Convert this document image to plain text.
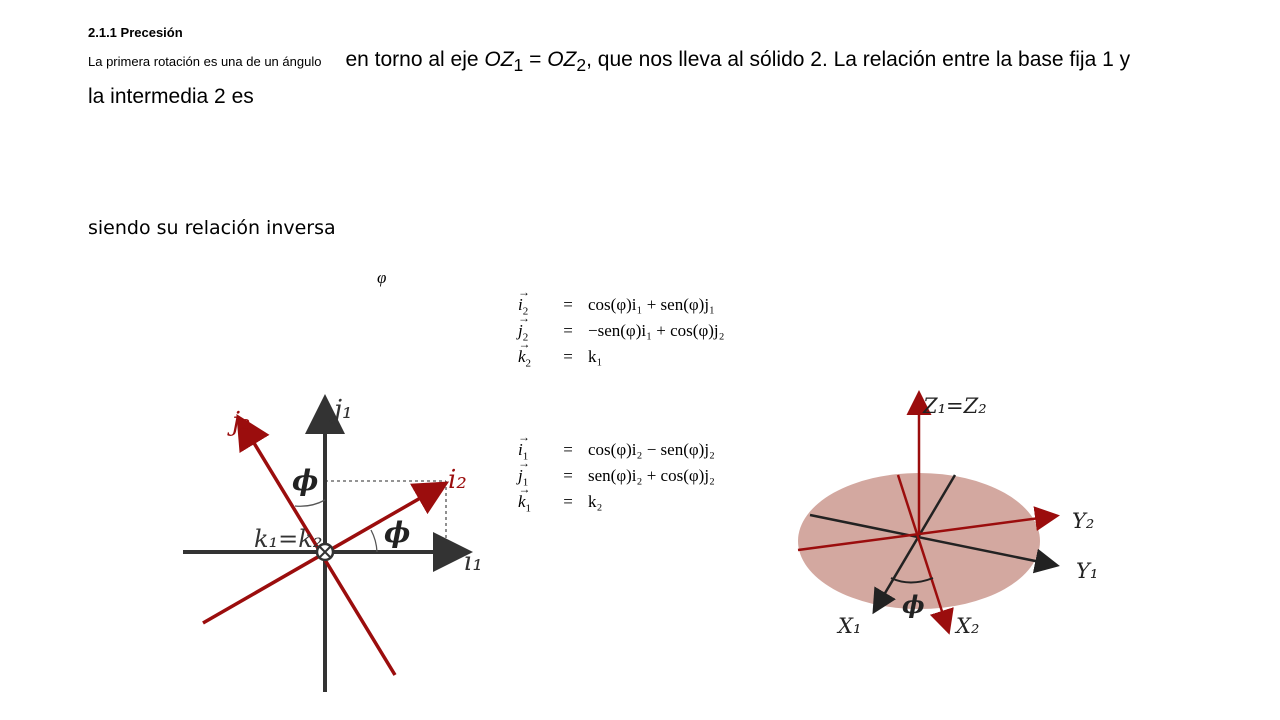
2.1.1 Precesión
La primera rotación es una de un ángulo en torno al eje $OZ_1 = OZ_2$, que nos lleva al sólido 2. La relación entre la base fija 1 y la intermedia 2 es
siendo su relación inversa
φ
→ $i_2 = \cos(\varphi)i_1 + sen(\varphi)j_1$
→ $j_2 = -sen(\varphi)i_1 + \cos(\varphi)j_2$
→ $k_2 = k_1$
→ $i_1 = \cos(\varphi)i_2 - sen(\varphi)j_2$
→ $j_1 = sen(\varphi)i_2 + \cos(\varphi)j_2$
→ $k_1 = k_2$
j₂	j₁
i₂
i₁
k₁=k₂
ϕ
ϕ
Z₁=Z₂
Y₂
Y₁
X₁	X₂
ϕ
